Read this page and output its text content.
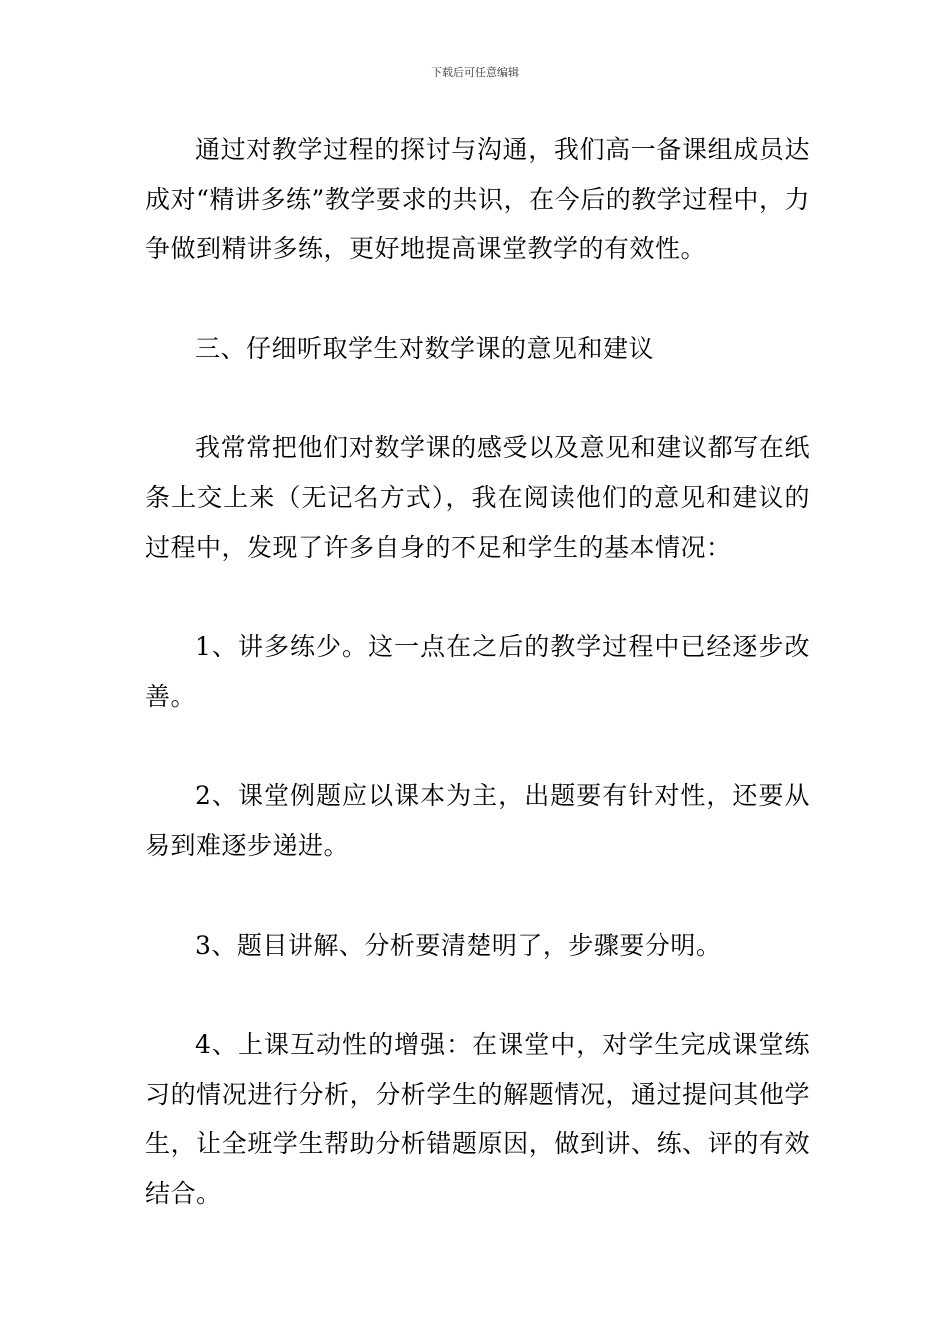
下载后可任意编辑

通过对教学过程的探讨与沟通，我们高一备课组成员达成对“精讲多练”教学要求的共识，在今后的教学过程中，力争做到精讲多练，更好地提高课堂教学的有效性。

三、仔细听取学生对数学课的意见和建议

我常常把他们对数学课的感受以及意见和建议都写在纸条上交上来（无记名方式），我在阅读他们的意见和建议的过程中，发现了许多自身的不足和学生的基本情况：

1、讲多练少。这一点在之后的教学过程中已经逐步改善。

2、课堂例题应以课本为主，出题要有针对性，还要从易到难逐步递进。

3、题目讲解、分析要清楚明了，步骤要分明。

4、上课互动性的增强：在课堂中，对学生完成课堂练习的情况进行分析，分析学生的解题情况，通过提问其他学生，让全班学生帮助分析错题原因，做到讲、练、评的有效结合。
